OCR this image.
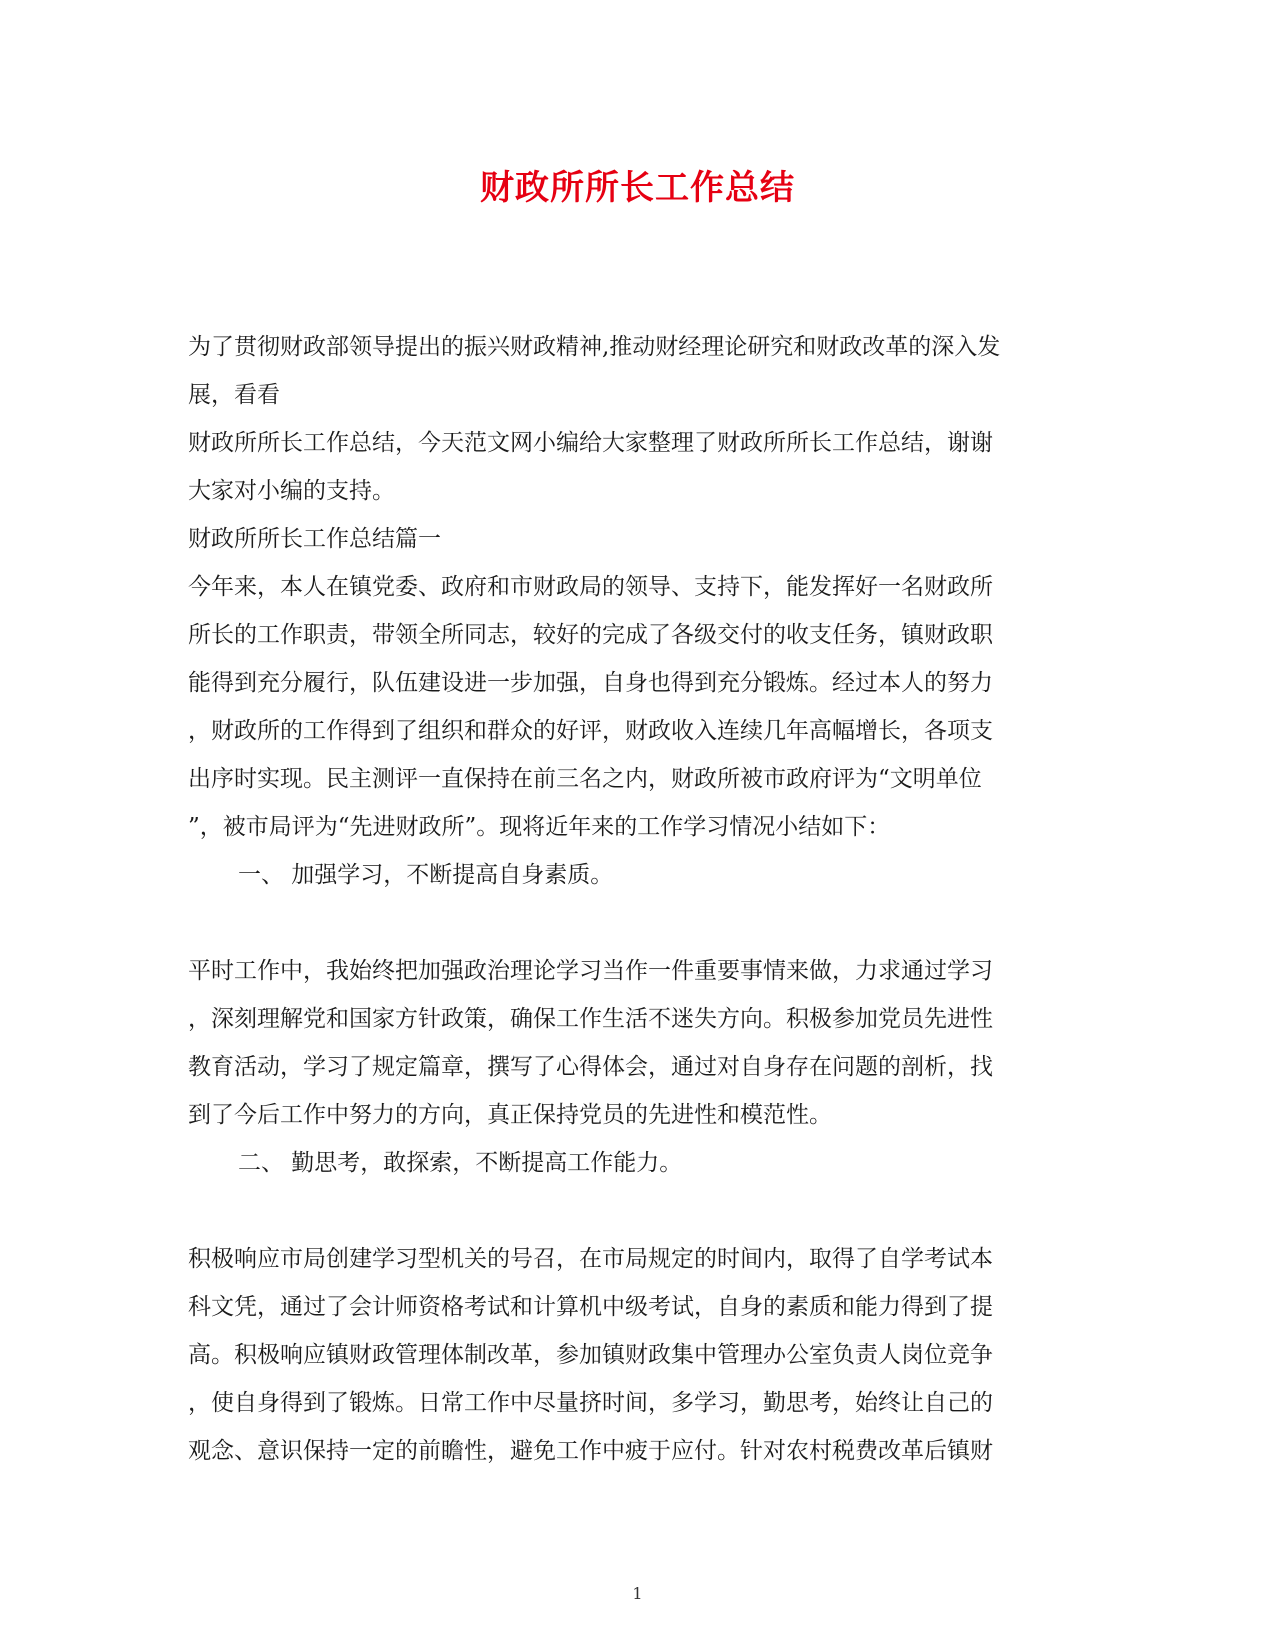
财政所所长工作总结
为了贯彻财政部领导提出的振兴财政精神,推动财经理论研究和财政改革的深入发
展，看看
财政所所长工作总结，今天范文网小编给大家整理了财政所所长工作总结，谢谢
大家对小编的支持。
财政所所长工作总结篇一
今年来，本人在镇党委、政府和市财政局的领导、支持下，能发挥好一名财政所
所长的工作职责，带领全所同志，较好的完成了各级交付的收支任务，镇财政职
能得到充分履行，队伍建设进一步加强，自身也得到充分锻炼。经过本人的努力
，财政所的工作得到了组织和群众的好评，财政收入连续几年高幅增长，各项支
出序时实现。民主测评一直保持在前三名之内，财政所被市政府评为“文明单位
”，被市局评为“先进财政所”。现将近年来的工作学习情况小结如下：
一、 加强学习，不断提高自身素质。
平时工作中，我始终把加强政治理论学习当作一件重要事情来做，力求通过学习
，深刻理解党和国家方针政策，确保工作生活不迷失方向。积极参加党员先进性
教育活动，学习了规定篇章，撰写了心得体会，通过对自身存在问题的剖析，找
到了今后工作中努力的方向，真正保持党员的先进性和模范性。
二、 勤思考，敢探索，不断提高工作能力。
积极响应市局创建学习型机关的号召，在市局规定的时间内，取得了自学考试本
科文凭，通过了会计师资格考试和计算机中级考试，自身的素质和能力得到了提
高。积极响应镇财政管理体制改革，参加镇财政集中管理办公室负责人岗位竞争
，使自身得到了锻炼。日常工作中尽量挤时间，多学习，勤思考，始终让自己的
观念、意识保持一定的前瞻性，避免工作中疲于应付。针对农村税费改革后镇财
1
